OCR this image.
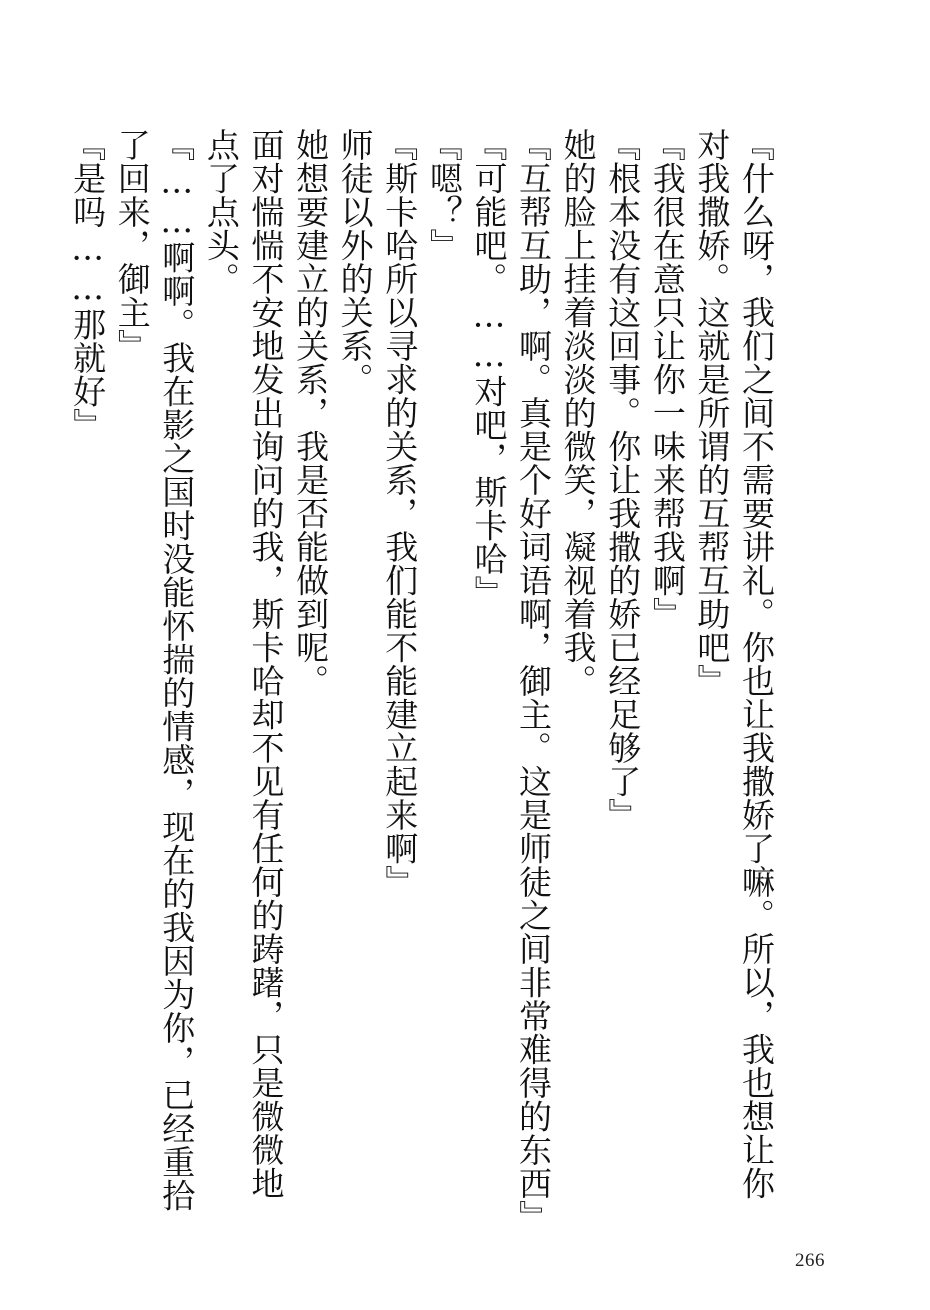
『什么呀，我们之间不需要讲礼。你也让我撒娇了嘛。所以，我也想让你对我撒娇。这就是所谓的互帮互助吧』

『我很在意只让你一味来帮我啊』

『根本没有这回事。你让我撒的娇已经足够了』

她的脸上挂着淡淡的微笑，凝视着我。

『互帮互助，啊。真是个好词语啊，御主。这是师徒之间非常难得的东西』

『可能吧。……对吧，斯卡哈』

『嗯？』

『斯卡哈所以寻求的关系，我们能不能建立起来啊』

师徒以外的关系。

她想要建立的关系，我是否能做到呢。

面对惴惴不安地发出询问的我，斯卡哈却不见有任何的踌躇，只是微微地点了点头。

『……啊啊。我在影之国时没能怀揣的情感，现在的我因为你，已经重拾了回来，御主』

『是吗……那就好』

266
